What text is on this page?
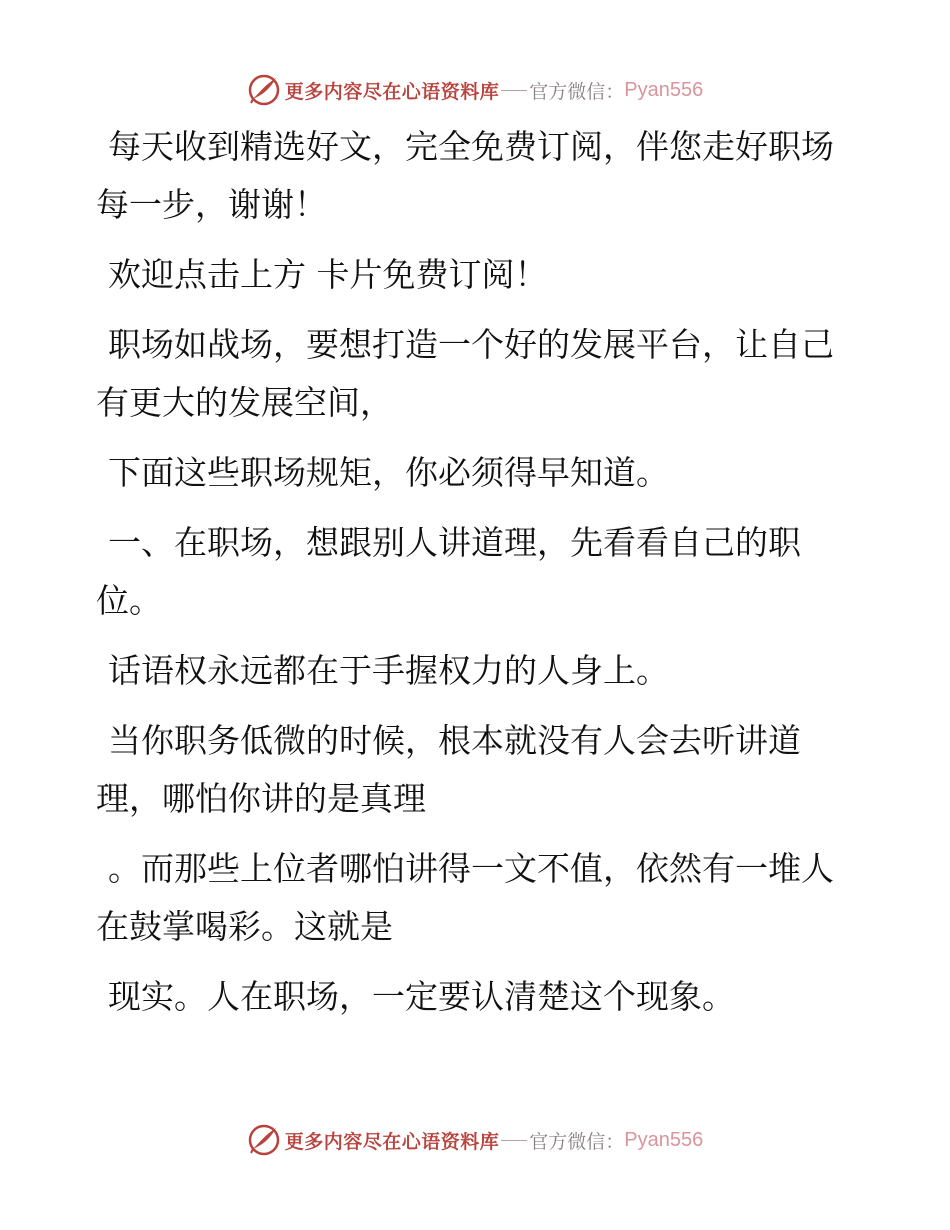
更多内容尽在心语资料库 官方微信： Pyan556

每天收到精选好文，完全免费订阅，伴您走好职场每一步，谢谢！

欢迎点击上方 卡片免费订阅！

职场如战场，要想打造一个好的发展平台，让自己有更大的发展空间，

下面这些职场规矩，你必须得早知道。

一、在职场，想跟别人讲道理，先看看自己的职位。

话语权永远都在于手握权力的人身上。

当你职务低微的时候，根本就没有人会去听讲道理，哪怕你讲的是真理

。而那些上位者哪怕讲得一文不值，依然有一堆人在鼓掌喝彩。这就是

现实。人在职场，一定要认清楚这个现象。

更多内容尽在心语资料库 官方微信： Pyan556
